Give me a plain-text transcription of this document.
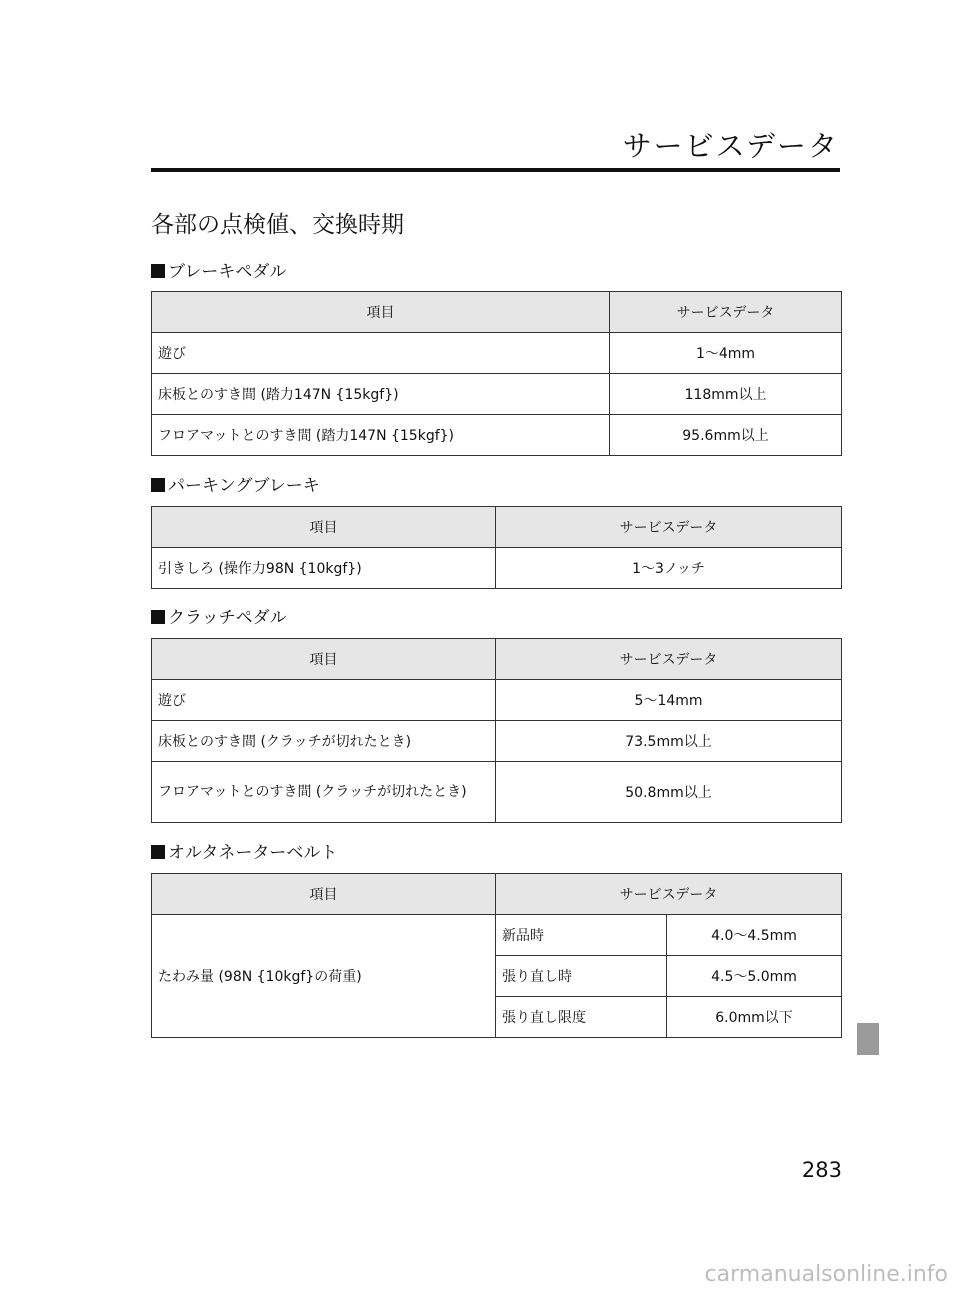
サービスデータ
各部の点検値、交換時期
ブレーキペダル
項目	サービスデータ
遊び	1～4mm
床板とのすき間 (踏力147N {15kgf})	118mm以上
フロアマットとのすき間 (踏力147N {15kgf})	95.6mm以上
パーキングブレーキ
項目	サービスデータ
引きしろ (操作力98N {10kgf})	1～3ノッチ
クラッチペダル
項目	サービスデータ
遊び	5～14mm
床板とのすき間 (クラッチが切れたとき)	73.5mm以上
フロアマットとのすき間 (クラッチが切れたとき)	50.8mm以上
オルタネーターベルト
項目	サービスデータ	
たわみ量 (98N {10kgf}の荷重)	新品時	4.0～4.5mm
	張り直し時	4.5～5.0mm
	張り直し限度	6.0mm以下
283
carmanualsonline.info
